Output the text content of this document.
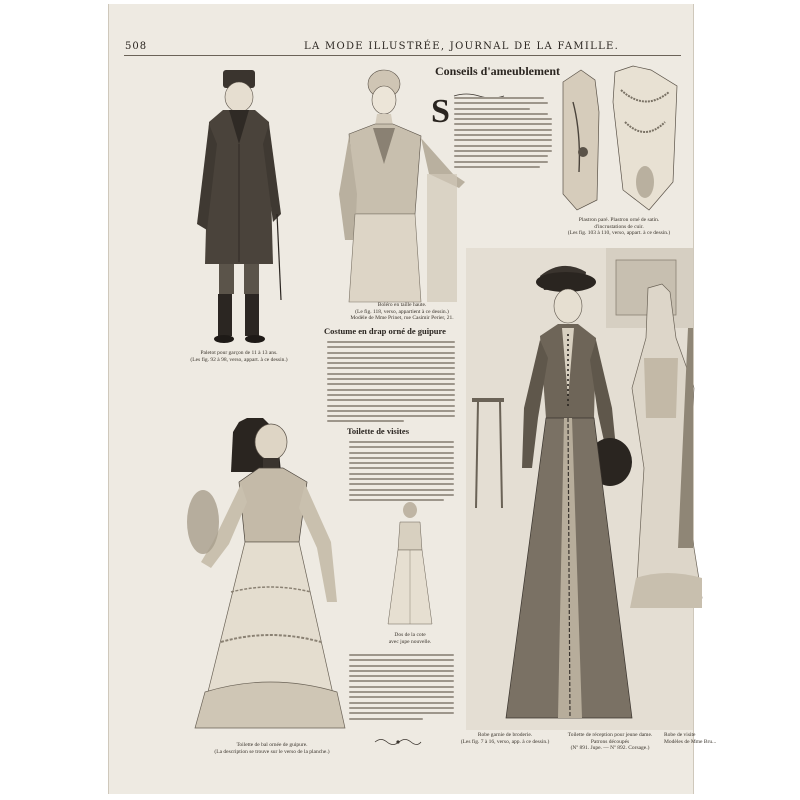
508	LA MODE ILLUSTRÉE, JOURNAL DE LA FAMILLE.
Paletot pour garçon de 11 à 13 ans.
(Les fig. 92 à 98, verso, appart. à ce dessin.)
Boléro en taille haute.
(Le fig. 118, verso, appartient à ce dessin.)
Modèle de Mme Prinet, rue Casimir Perier, 21.
Conseils d'ameublement
S
Plastron paré. Plastron orné de satin.
d'incrustations de cuir.
(Les fig. 103 à 110, verso, appart. à ce dessin.)
Costume en drap orné de guipure
Toilette de visites
Dos de la cote
avec jupe nouvelle.
Toilette de bal ornée de guipure.
(La description se trouve sur le verso de la planche.)
Robe garnie de broderie.
(Les fig. 7 à 16, verso, app. à ce dessin.)
Toilette de réception pour jeune dame.
Patrons découpés
(Nº 891. Jupe. — Nº 892. Corsage.)
Robe de visite
Modèles de Mme Bru...
